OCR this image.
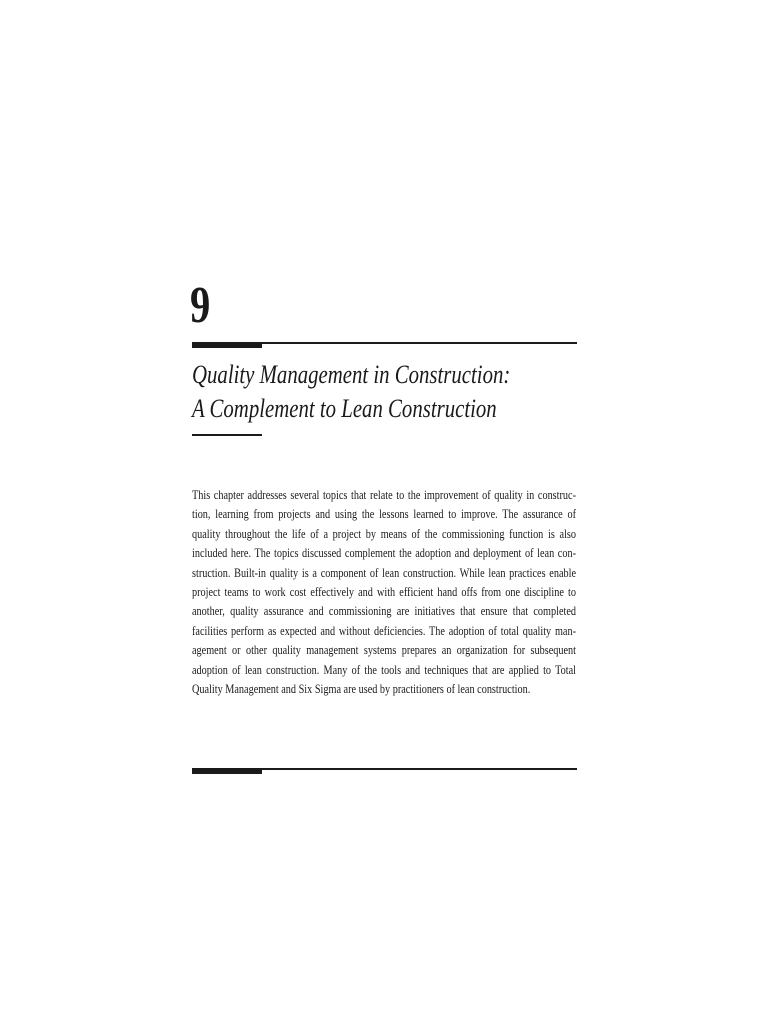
9
Quality Management in Construction:
A Complement to Lean Construction

This chapter addresses several topics that relate to the improvement of quality in construc-
tion, learning from projects and using the lessons learned to improve. The assurance of
quality throughout the life of a project by means of the commissioning function is also
included here. The topics discussed complement the adoption and deployment of lean con-
struction. Built-in quality is a component of lean construction. While lean practices enable
project teams to work cost effectively and with efficient hand offs from one discipline to
another, quality assurance and commissioning are initiatives that ensure that completed
facilities perform as expected and without deficiencies. The adoption of total quality man-
agement or other quality management systems prepares an organization for subsequent
adoption of lean construction. Many of the tools and techniques that are applied to Total
Quality Management and Six Sigma are used by practitioners of lean construction.
